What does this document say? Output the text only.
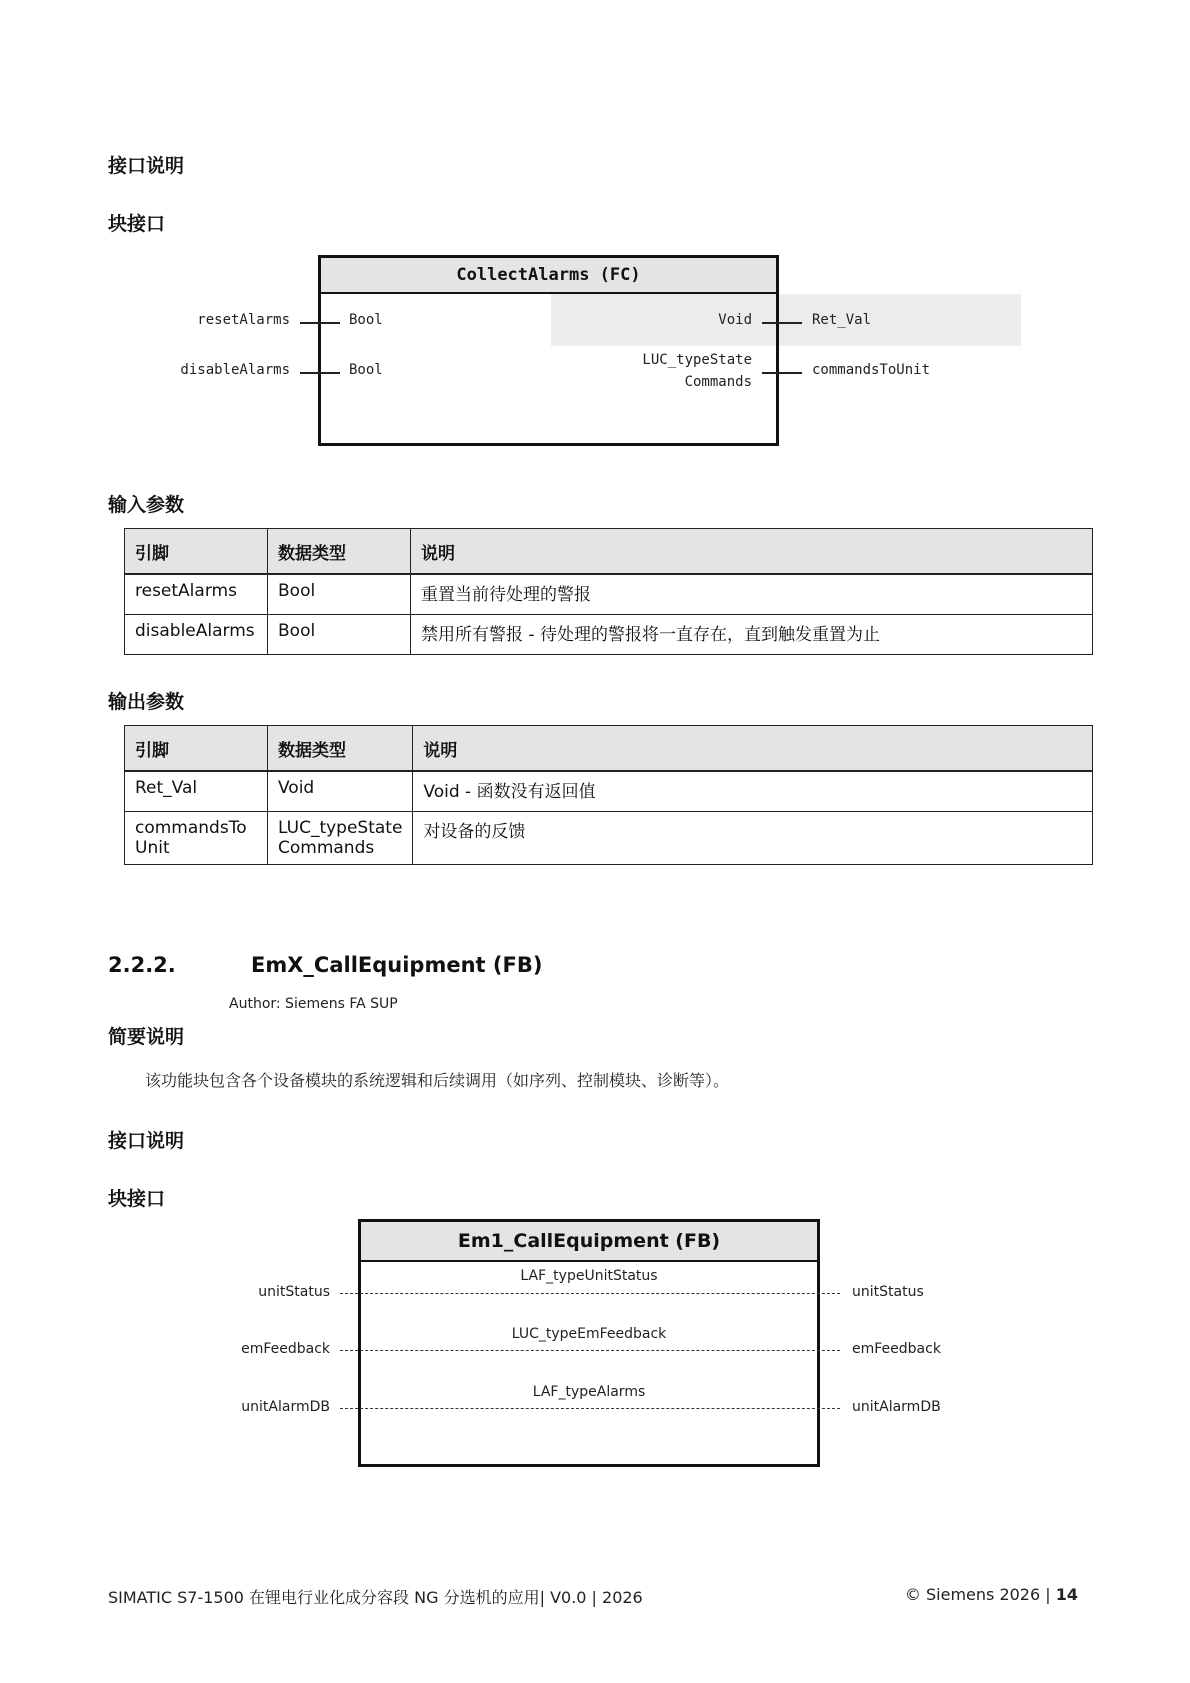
接口说明
块接口
CollectAlarms (FC)
resetAlarms	Bool
disableAlarms	Bool
Void	Ret_Val
LUC_typeState
Commands
commandsToUnit
输入参数
引脚	数据类型	说明
resetAlarms	Bool	重置当前待处理的警报
disableAlarms	Bool	禁用所有警报 - 待处理的警报将一直存在，直到触发重置为止
输出参数
引脚	数据类型	说明
Ret_Val	Void	Void - 函数没有返回值
commandsToUnit	LUC_typeState Commands	对设备的反馈
2.2.2.	EmX_CallEquipment (FB)
Author: Siemens FA SUP
简要说明
该功能块包含各个设备模块的系统逻辑和后续调用（如序列、控制模块、诊断等）。
接口说明
块接口
Em1_CallEquipment (FB)
unitStatus
LAF_typeUnitStatus
unitStatus
emFeedback
LUC_typeEmFeedback
emFeedback
unitAlarmDB
LAF_typeAlarms
unitAlarmDB
SIMATIC S7-1500 在锂电行业化成分容段 NG 分选机的应用| V0.0 | 2026	© Siemens 2026 | 14
